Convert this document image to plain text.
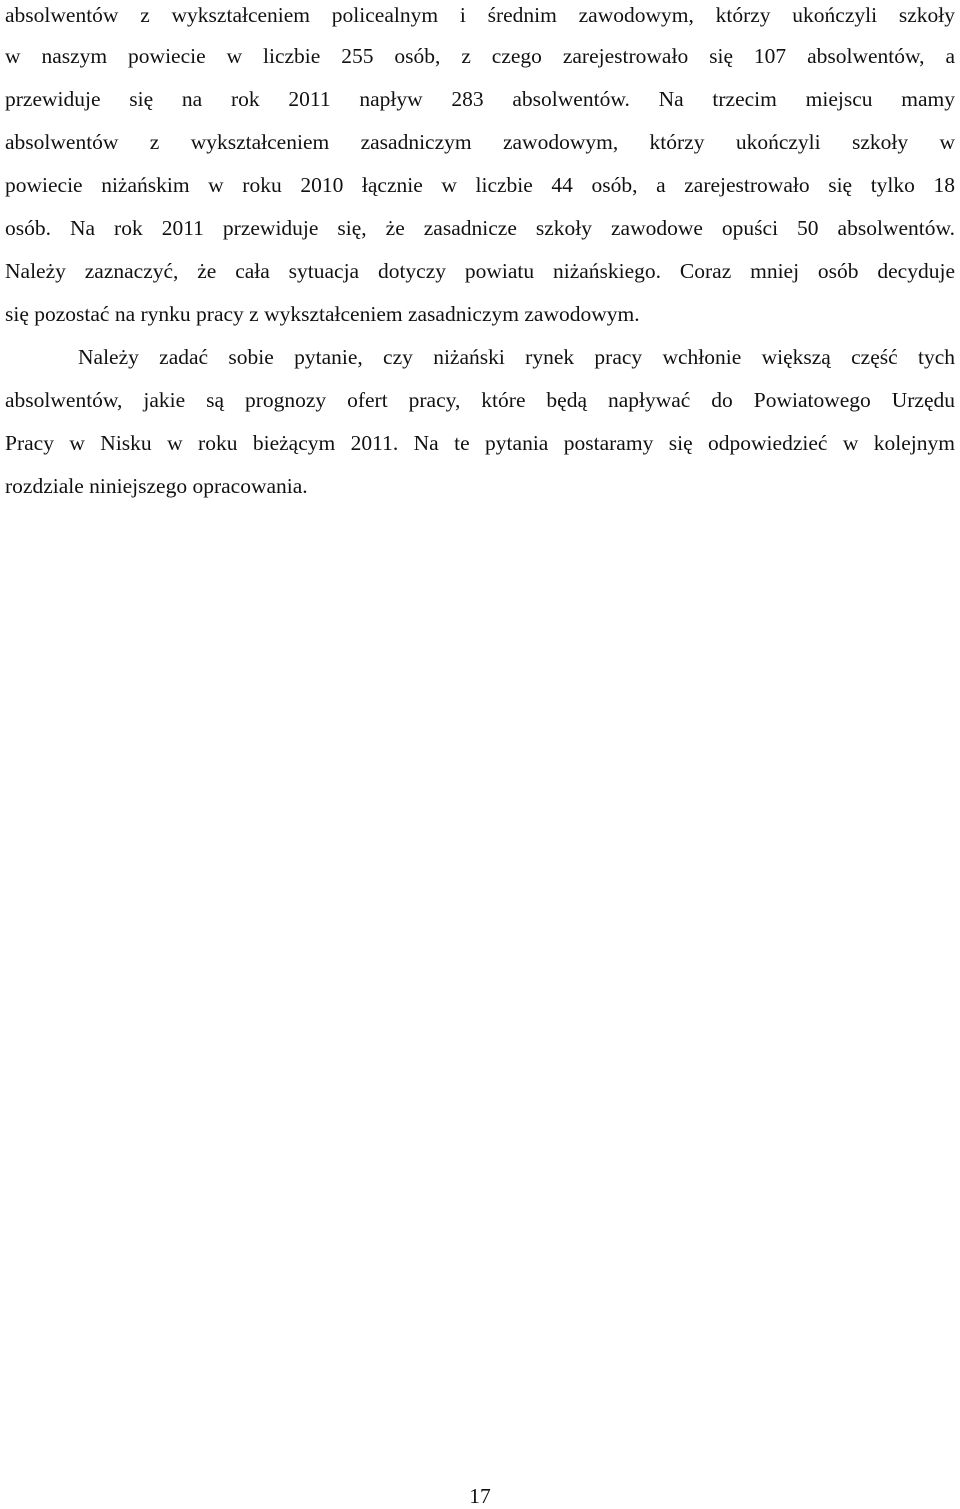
absolwentów z wykształceniem policealnym i średnim zawodowym, którzy ukończyli szkoły
w naszym powiecie w liczbie 255 osób, z czego zarejestrowało się 107 absolwentów, a
przewiduje się na rok 2011 napływ 283 absolwentów. Na trzecim miejscu mamy
absolwentów z wykształceniem zasadniczym zawodowym, którzy ukończyli szkoły w
powiecie niżańskim w roku 2010 łącznie w liczbie 44 osób, a zarejestrowało się tylko 18
osób. Na rok 2011 przewiduje się, że zasadnicze szkoły zawodowe opuści 50 absolwentów.
Należy zaznaczyć, że cała sytuacja dotyczy powiatu niżańskiego. Coraz mniej osób decyduje
się pozostać na rynku pracy z wykształceniem zasadniczym zawodowym.
Należy zadać sobie pytanie, czy niżański rynek pracy wchłonie większą część tych
absolwentów, jakie są prognozy ofert pracy, które będą napływać do Powiatowego Urzędu
Pracy w Nisku w roku bieżącym 2011. Na te pytania postaramy się odpowiedzieć w kolejnym
rozdziale niniejszego opracowania.
17
